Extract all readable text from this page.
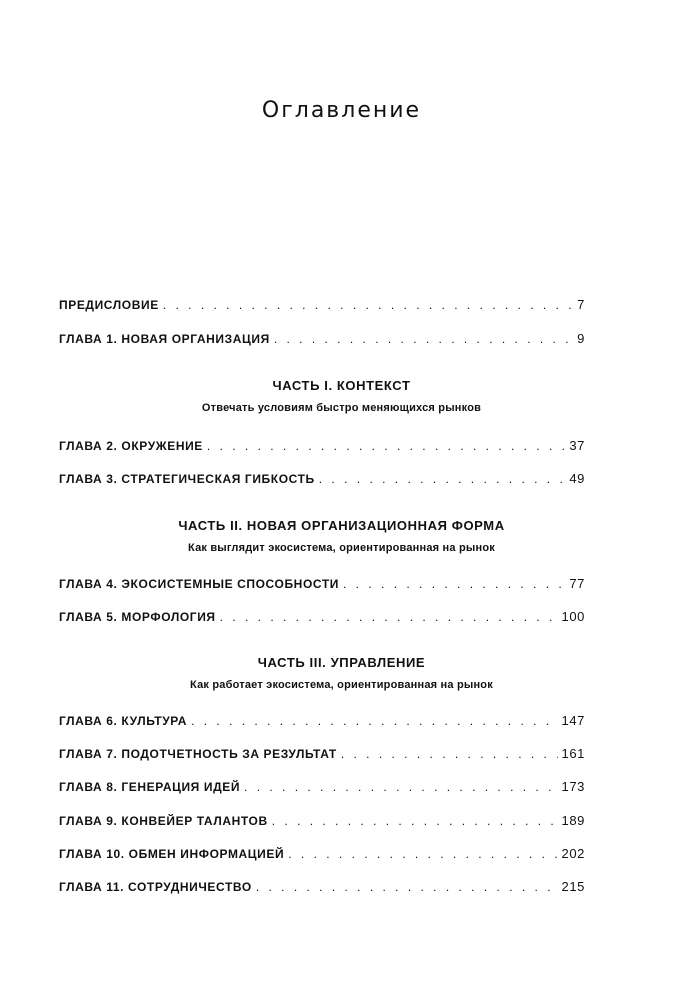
Оглавление
ПРЕДИСЛОВИЕ . . .	7
ГЛАВА 1. НОВАЯ ОРГАНИЗАЦИЯ . . .	9
ЧАСТЬ I. КОНТЕКСТ
Отвечать условиям быстро меняющихся рынков
ГЛАВА 2. ОКРУЖЕНИЕ . . .	37
ГЛАВА 3. СТРАТЕГИЧЕСКАЯ ГИБКОСТЬ . . .	49
ЧАСТЬ II. НОВАЯ ОРГАНИЗАЦИОННАЯ ФОРМА
Как выглядит экосистема, ориентированная на рынок
ГЛАВА 4. ЭКОСИСТЕМНЫЕ СПОСОБНОСТИ . . .	77
ГЛАВА 5. МОРФОЛОГИЯ . . .	100
ЧАСТЬ III. УПРАВЛЕНИЕ
Как работает экосистема, ориентированная на рынок
ГЛАВА 6. КУЛЬТУРА . . .	147
ГЛАВА 7. ПОДОТЧЕТНОСТЬ ЗА РЕЗУЛЬТАТ . . .	161
ГЛАВА 8. ГЕНЕРАЦИЯ ИДЕЙ . . .	173
ГЛАВА 9. КОНВЕЙЕР ТАЛАНТОВ . . .	189
ГЛАВА 10. ОБМЕН ИНФОРМАЦИЕЙ . . .	202
ГЛАВА 11. СОТРУДНИЧЕСТВО . . .	215
